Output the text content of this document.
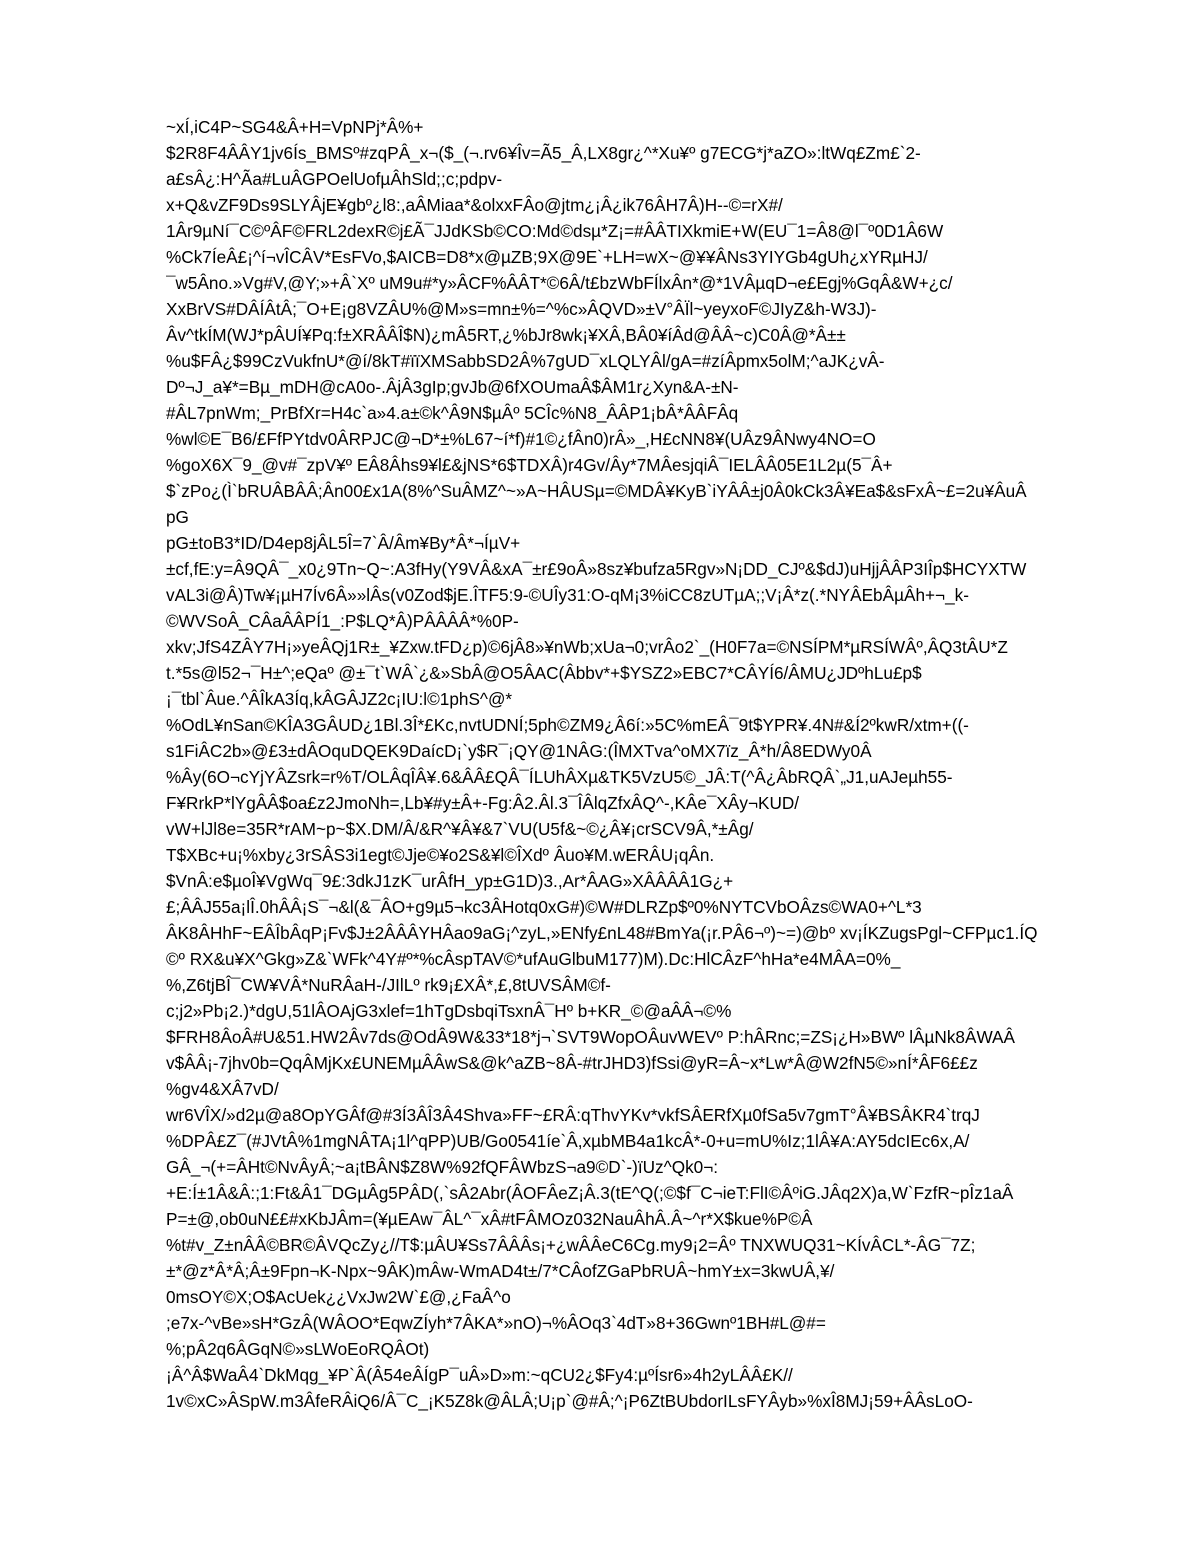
~xÍ,iC4P~SG4&Â+H=VpNPj*Â%+
$2R8F4ÂÂY1jv6Ís_BMSº#zqPÂ_x¬($_(¬.rv6¥Îv=Ã5_Â,LX8gr¿^*Xu¥º g7ECG*j*aZO»:ltWq£Zm£`2-
a£sÂ¿:H^Ãa#LuÂGPOelUofµÂhSld;;c;pdpv-
x+Q&vZF9Ds9SLYÂjE¥gbº¿l8:,aÂMiaa*&olxxFÂo@jtm¿¡Â¿ik76ÂH7Â)H--©=rX#/
1Âr9µNí¯C©ºÂF©FRL2dexR©j£Ã¯JJdKSb©CO:Md©dsµ*Z¡=#ÂÂTIXkmiE+W(EU¯1=Â8@l¯º0D1Â6W
%Ck7ÍeÂ£¡^í¬vÎCÂV*EsFVo,$AICB=D8*x@µZB;9X@9E`+LH=wX~@¥¥ÂNs3YIYGb4gUh¿xYRµHJ/
¯w5Âno.»Vg#V,@Y;»+Â`Xº uM9u#*y»ÂCF%ÂÂT*©6Â/t£bzWbFÍlxÂn*@*1VÂµqD¬e£Egj%GqÂ&W+¿c/
XxBrVS#DÂÍÂtÂ;¯O+E¡g8VZÂU%@M»s=mn±%=^%c»ÂQVD»±V°ÂÏl~yeyxoF©JIyZ&h-W3J)-
Âv^tkÍM(WJ*pÂUÍ¥Pq:f±XRÂÂÎ$N)¿mÂ5RT,¿%bJr8wk¡¥XÂ,BÂ0¥íÂd@ÂÂ~c)C0Â@*Â±±
%u$FÂ¿$99CzVukfnU*@í/8kT#ïïXMSabbSD2Â%7gUD¯xLQLYÂl/gA=#zíÂpmx5olM;^aJK¿vÂ-
Dº¬J_a¥*=Bµ_mDH@cA0o-.ÂjÂ3gIp;gvJb@6fXOUmaÂ$ÂM1r¿Xyn&A-±N-
#ÂL7pnWm;_PrBfXr=H4c`a»4.a±©k^Â9N$µÂº 5CÎc%N8_ÂÂP1¡bÂ*ÂÂFÂq
%wl©E¯B6/£FfPYtdv0ÂRPJC@¬D*±%L67~í*f)#1©¿fÂn0)rÂ»_,H£cNN8¥(UÂz9ÂNwy4NO=O
%goX6X¯9_@v#¯zpV¥º EÂ8Âhs9¥l£&jNS*6$TDXÂ)r4Gv/Ây*7MÂesjqiÂ¯IELÂÂ05E1L2µ(5¯Â+
$`zPo¿(Ì`bRUÂBÂÂ;Ân00£x1A(8%^SuÂMZ^~»A~HÂUSµ=©MDÂ¥KyB`iYÂÂ±j0Â0kCk3Â¥Ea$&sFxÂ~£=2u¥ÂuÂ
pG
pG±toB3*ID/D4ep8jÂL5Î=7`Â/Âm¥By*Â*¬ÍµV+
±cf,fE:y=Â9QÂ¯_x0¿9Tn~Q~:A3fHy(Y9VÂ&xA¯±r£9oÂ»8sz¥bufza5Rgv»N¡DD_CJº&$dJ)uHjjÂÂP3IÎp$HCYXTW
vAL3i@Â)Tw¥¡µH7Ív6Â»»lÂs(v0Zod$jE.ÎTF5:9-©UÎy31:O-qM¡3%iCC8zUTµA;;V¡Â*z(.*NYÂEbÂµÂh+¬_k-
©WVSoÂ_CÂaÂÂPÍ1_:P$LQ*Â)PÂÂÂÂ*%0P-
xkv;JfS4ZÂY7H¡»yeÂQj1R±_¥Zxw.tFD¿p)©6jÂ8»¥nWb;xUa¬0;vrÂo2`_(H0F7a=©NSÍPM*µRSÍWÂº,ÂQ3tÂU*Z
t.*5s@l52¬¯H±^;eQaº @±¯t`WÂ`¿&»SbÂ@O5ÂAC(Âbbv*+$YSZ2»EBC7*CÂYÍ6/ÂMU¿JDºhLu£p$
¡¯tbl`Âue.^ÂÎkA3Íq,kÂGÂJZ2c¡IU:l©1phS^@*
%OdL¥nSan©KÎA3GÂUD¿1Bl.3Î*£Kc,nvtUDNÍ;5ph©ZM9¿Â6í:»5C%mEÂ¯9t$YPR¥.4N#&Í2ºkwR/xtm+((-
s1FiÂC2b»@£3±dÂOquDQEK9DaícD¡`y$R¯¡QY@1NÂG:(ÎMXTva^oMX7ïz_Â*h/Â8EDWy0Â
%Ây(6O¬cYjYÂZsrk=r%T/OLÂqÎÂ¥.6&ÂÂ£QÂ¯ÍLUhÂXµ&TK5VzU5©_JÂ:T(^Â¿ÂbRQÂ`„J1,uAJeµh55-
F¥RrkP*lYgÂÂ$oa£z2JmoNh=,Lb¥#y±Â+-Fg:Â2.Âl.3¯ÎÂlqZfxÂQ^-,KÂe¯XÂy¬KUD/
vW+lJl8e=35R*rAM~p~$X.DM/Â/&R^¥Â¥&7`VU(U5f&~©¿Â¥¡crSCV9Â,*±Âg/
T$XBc+u¡%xby¿3rSÂS3i1egt©Jje©¥o2S&¥l©ÎXdº Âuo¥M.wERÂU¡qÂn.
$VnÂ:e$µoÎ¥VgWq¯9£:3dkJ1zK¯urÂfH_yp±G1D)3.,Ar*ÂAG»XÂÂÂÂ1G¿+
£;ÂÂJ55a¡lÎ.0hÂÂ¡S¯¬&l(&¯ÂO+g9µ5¬kc3ÂHotq0xG#)©W#DLRZp$º0%NYTCVbOÂzs©WA0+^L*3
ÂK8ÂHhF~EÂÎbÂqP¡Fv$J±2ÂÂÂYHÂao9aG¡^zyL,»ENfy£nL48#BmYa(¡r.PÂ6¬º)~=)@bº xv¡ÍKZugsPgl~CFPµc1.ÍQ
©º RX&u¥X^Gkg»Z&`WFk^4Y#º*%cÂspTAV©*ufAuGlbuM177)M).Dc:HlCÂzF^hHa*e4MÂA=0%_
%,Z6tjBÎ¯CW¥VÂ*NuRÂaH-/JIlLº rk9¡£XÂ*,£,8tUVSÂM©f-
c;j2»Pb¡2.)*dgU,51lÂOAjG3xlef=1hTgDsbqiTsxnÂ¯Hº b+KR_©@aÂÂ¬©%
$FRH8ÂoÂ#U&51.HW2Âv7ds@OdÂ9W&33*18*j¬`SVT9WopOÂuvWEVº P:hÂRnc;=ZS¡¿H»BWº lÂµNk8ÂWAÂ
v$ÂÂ¡-7jhv0b=QqÂMjKx£UNEMµÂÂwS&@k^aZB~8Â-#trJHD3)fSsi@yR=Â~x*Lw*Â@W2fN5©»nÍ*ÂF6££z
%gv4&XÂ7vD/
wr6VÎX/»d2µ@a8OpYGÂf@#3Í3ÂÎ3Â4Shva»FF~£RÂ:qThvYKv*vkfSÂERfXµ0fSa5v7gmT°Â¥BSÂKR4`trqJ
%DPÂ£Z¯(#JVtÂ%1mgNÂTA¡1l^qPP)UB/Go0541íe`Â,xµbMB4a1kcÂ*-0+u=mU%Iz;1lÂ¥A:AY5dcIEc6x,A/
GÂ_¬(+=ÂHt©NvÂyÂ;~a¡tBÂN$Z8W%92fQFÂWbzS¬a9©D`-)ïUz^Qk0¬:
+E:Í±1Â&Â:;1:Ft&Â1¯DGµÂg5PÂD(,`sÂ2Abr(ÂOFÂeZ¡Â.3(tE^Q(;©$f¯C¬ieT:FlI©ÂºiG.JÂq2X)a,W`FzfR~pÎz1aÂ
P=±@,ob0uN££#xKbJÂm=(¥µEAw¯ÂL^¯xÂ#tFÂMOz032NauÂhÂ.Â~^r*X$kue%P©Â
%t#v_Z±nÂÂ©BR©ÂVQcZy¿//T$:µÂU¥Ss7ÂÂÂs¡+¿wÂÂeC6Cg.my9¡2=Âº TNXWUQ31~KÍvÂCL*-ÂG¯7Z;
±*@z*Â*Â;Â±9Fpn¬K-Npx~9ÂK)mÂw-WmAD4t±/7*CÂofZGaPbRUÂ~hmY±x=3kwUÂ,¥/
0msOY©X;O$AcUek¿¿VxJw2W`£@,¿FaÂ^o
;e7x-^vBe»sH*GzÂ(WÂOO*EqwZÍyh*7ÂKA*»nO)¬%ÂOq3`4dT»8+36Gwnº1BH#L@#=
%;pÂ2q6ÂGqN©»sLWoEoRQÂOt)
¡Â^Â$WaÂ4`DkMqg_¥P`Â(Â54eÂÍgP¯uÂ»D»m:~qCU2¿$Fy4:µºÍsr6»4h2yLÂÂ£K//
1v©xC»ÂSpW.m3ÂfeRÂiQ6/Â¯C_¡K5Z8k@ÂLÂ;U¡p`@#Â;^¡P6ZtBUbdorILsFYÂyb»%xÎ8MJ¡59+ÂÂsLoO-
